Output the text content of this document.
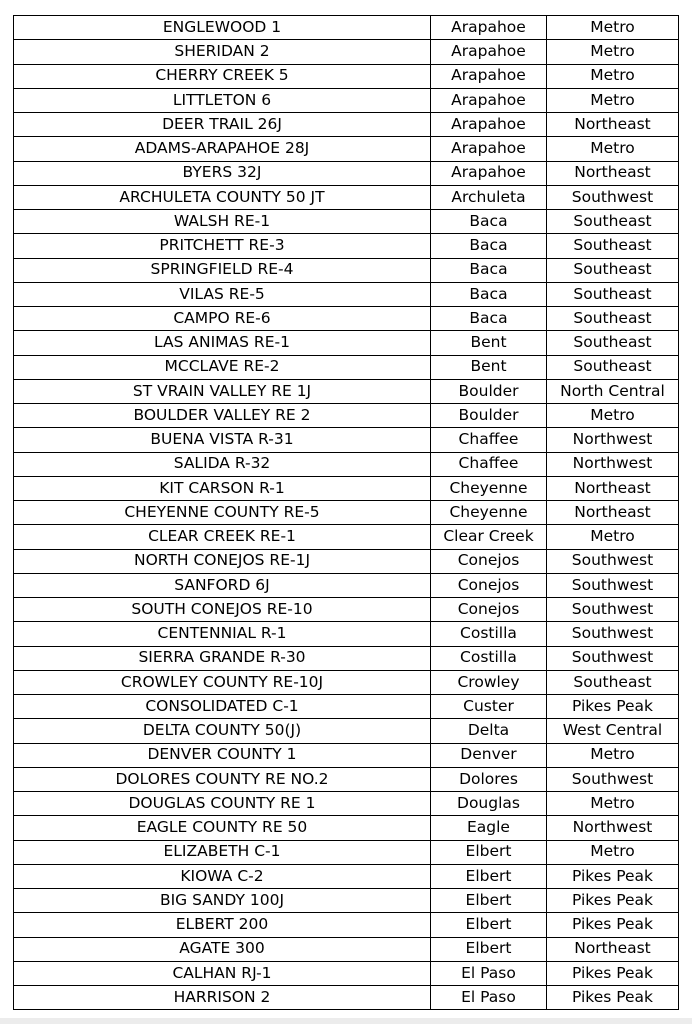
ENGLEWOOD 1	Arapahoe	Metro
SHERIDAN 2	Arapahoe	Metro
CHERRY CREEK 5	Arapahoe	Metro
LITTLETON 6	Arapahoe	Metro
DEER TRAIL 26J	Arapahoe	Northeast
ADAMS-ARAPAHOE 28J	Arapahoe	Metro
BYERS 32J	Arapahoe	Northeast
ARCHULETA COUNTY 50 JT	Archuleta	Southwest
WALSH RE-1	Baca	Southeast
PRITCHETT RE-3	Baca	Southeast
SPRINGFIELD RE-4	Baca	Southeast
VILAS RE-5	Baca	Southeast
CAMPO RE-6	Baca	Southeast
LAS ANIMAS RE-1	Bent	Southeast
MCCLAVE RE-2	Bent	Southeast
ST VRAIN VALLEY RE 1J	Boulder	North Central
BOULDER VALLEY RE 2	Boulder	Metro
BUENA VISTA R-31	Chaffee	Northwest
SALIDA R-32	Chaffee	Northwest
KIT CARSON R-1	Cheyenne	Northeast
CHEYENNE COUNTY RE-5	Cheyenne	Northeast
CLEAR CREEK RE-1	Clear Creek	Metro
NORTH CONEJOS RE-1J	Conejos	Southwest
SANFORD 6J	Conejos	Southwest
SOUTH CONEJOS RE-10	Conejos	Southwest
CENTENNIAL R-1	Costilla	Southwest
SIERRA GRANDE R-30	Costilla	Southwest
CROWLEY COUNTY RE-10J	Crowley	Southeast
CONSOLIDATED C-1	Custer	Pikes Peak
DELTA COUNTY 50(J)	Delta	West Central
DENVER COUNTY 1	Denver	Metro
DOLORES COUNTY RE NO.2	Dolores	Southwest
DOUGLAS COUNTY RE 1	Douglas	Metro
EAGLE COUNTY RE 50	Eagle	Northwest
ELIZABETH C-1	Elbert	Metro
KIOWA C-2	Elbert	Pikes Peak
BIG SANDY 100J	Elbert	Pikes Peak
ELBERT 200	Elbert	Pikes Peak
AGATE 300	Elbert	Northeast
CALHAN RJ-1	El Paso	Pikes Peak
HARRISON 2	El Paso	Pikes Peak
